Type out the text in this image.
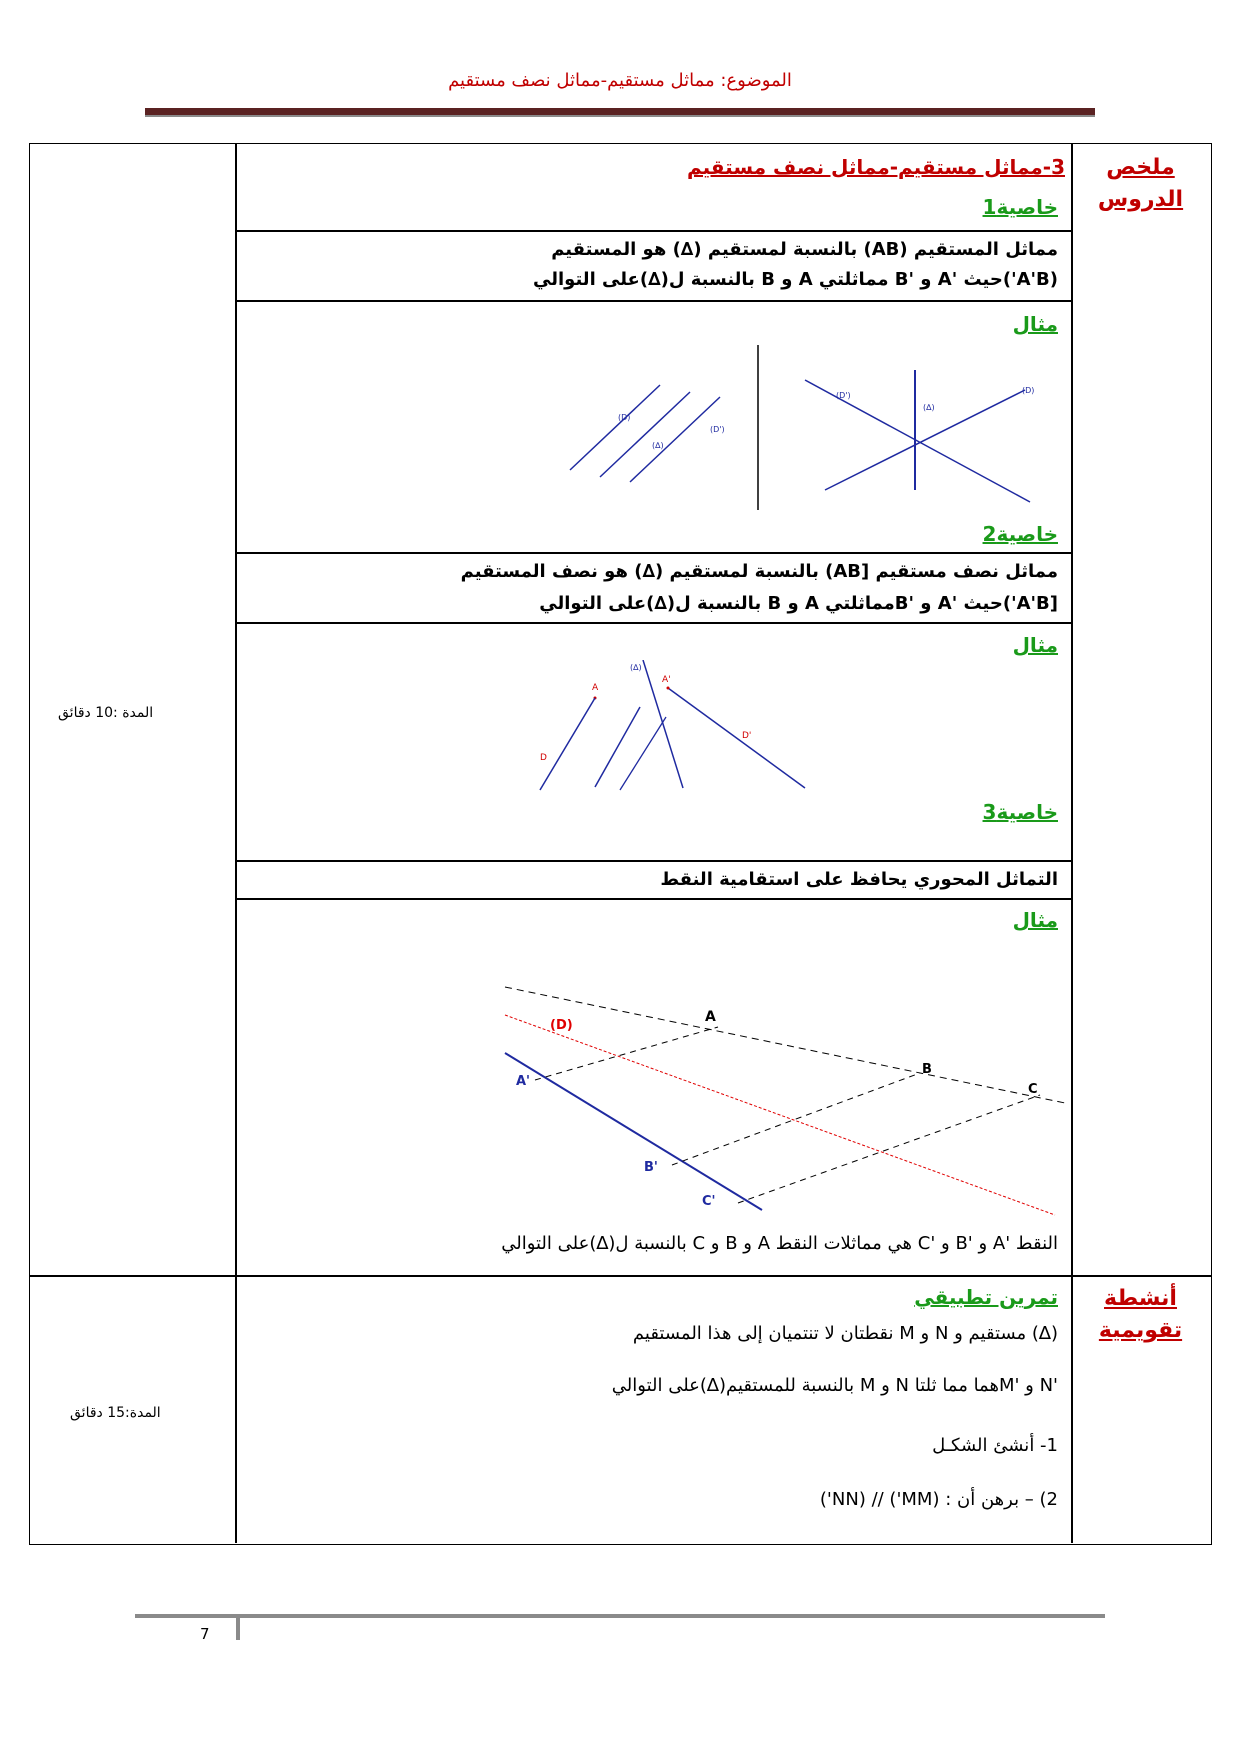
الموضوع: مماثل مستقيم-مماثل نصف مستقيم
ملخص الدروس
أنشطة تقويمية
المدة :10 دقائق
المدة:15 دقائق
3-مماثل مستقيم-مماثل نصف مستقيم
خاصية1
مماثل المستقيم (AB) بالنسبة لمستقيم (∆) هو المستقيم
(A'B')حيث 'A و 'B مماثلتي A و B بالنسبة ل(∆)على التوالي
مثال
(D)
(∆)
(D')
(D')
(∆)
(D)
خاصية2
مماثل نصف مستقيم [AB) بالنسبة لمستقيم (∆) هو نصف المستقيم
[A'B')حيث 'A و 'Bمماثلتي A و B بالنسبة ل(∆)على التوالي
مثال
A
(∆)
A'
D
D'
خاصية3
التماثل المحوري يحافظ على استقامية النقط
مثال
A
(D)
B
C
A'
B'
C'
النقط 'A و 'B و 'C هي مماثلات النقط A و B و C بالنسبة ل(∆)على التوالي
تمرين تطبيقي
(∆) مستقيم و N و M نقطتان لا تنتميان إلى هذا المستقيم
'N و 'Mهما مما ثلتا N و M بالنسبة للمستقيم(∆)على التوالي
1- أنشئ الشكـل
2) – برهن أن : (MM') // (NN')
7
